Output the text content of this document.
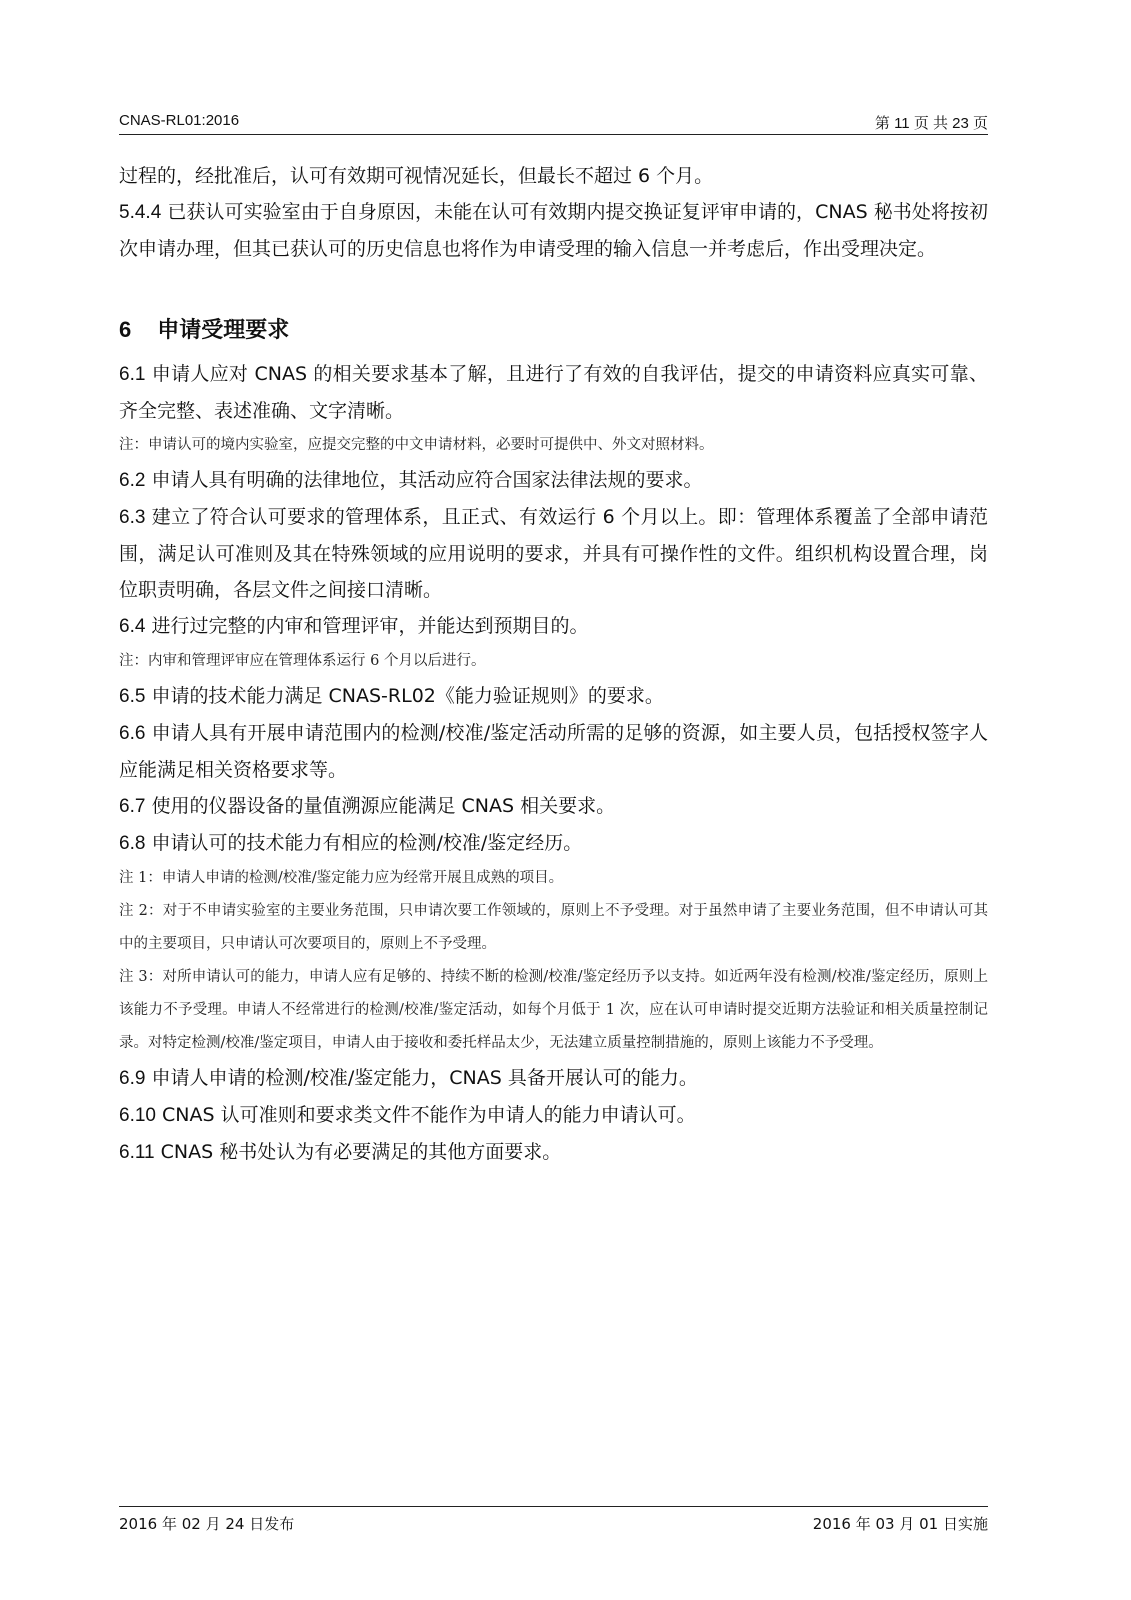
CNAS-RL01:2016	第 11 页 共 23 页

过程的，经批准后，认可有效期可视情况延长，但最长不超过 6 个月。

5.4.4 已获认可实验室由于自身原因，未能在认可有效期内提交换证复评审申请的，CNAS 秘书处将按初次申请办理，但其已获认可的历史信息也将作为申请受理的输入信息一并考虑后，作出受理决定。

6 申请受理要求

6.1 申请人应对 CNAS 的相关要求基本了解，且进行了有效的自我评估，提交的申请资料应真实可靠、齐全完整、表述准确、文字清晰。

注：申请认可的境内实验室，应提交完整的中文申请材料，必要时可提供中、外文对照材料。

6.2 申请人具有明确的法律地位，其活动应符合国家法律法规的要求。

6.3 建立了符合认可要求的管理体系，且正式、有效运行 6 个月以上。即：管理体系覆盖了全部申请范围，满足认可准则及其在特殊领域的应用说明的要求，并具有可操作性的文件。组织机构设置合理，岗位职责明确，各层文件之间接口清晰。

6.4 进行过完整的内审和管理评审，并能达到预期目的。

注：内审和管理评审应在管理体系运行 6 个月以后进行。

6.5 申请的技术能力满足 CNAS-RL02《能力验证规则》的要求。

6.6 申请人具有开展申请范围内的检测/校准/鉴定活动所需的足够的资源，如主要人员，包括授权签字人应能满足相关资格要求等。

6.7 使用的仪器设备的量值溯源应能满足 CNAS 相关要求。

6.8 申请认可的技术能力有相应的检测/校准/鉴定经历。

注 1：申请人申请的检测/校准/鉴定能力应为经常开展且成熟的项目。

注 2：对于不申请实验室的主要业务范围，只申请次要工作领域的，原则上不予受理。对于虽然申请了主要业务范围，但不申请认可其中的主要项目，只申请认可次要项目的，原则上不予受理。

注 3：对所申请认可的能力，申请人应有足够的、持续不断的检测/校准/鉴定经历予以支持。如近两年没有检测/校准/鉴定经历，原则上该能力不予受理。申请人不经常进行的检测/校准/鉴定活动，如每个月低于 1 次，应在认可申请时提交近期方法验证和相关质量控制记录。对特定检测/校准/鉴定项目，申请人由于接收和委托样品太少，无法建立质量控制措施的，原则上该能力不予受理。

6.9 申请人申请的检测/校准/鉴定能力，CNAS 具备开展认可的能力。

6.10 CNAS 认可准则和要求类文件不能作为申请人的能力申请认可。

6.11 CNAS 秘书处认为有必要满足的其他方面要求。

2016 年 02 月 24 日发布	2016 年 03 月 01 日实施
